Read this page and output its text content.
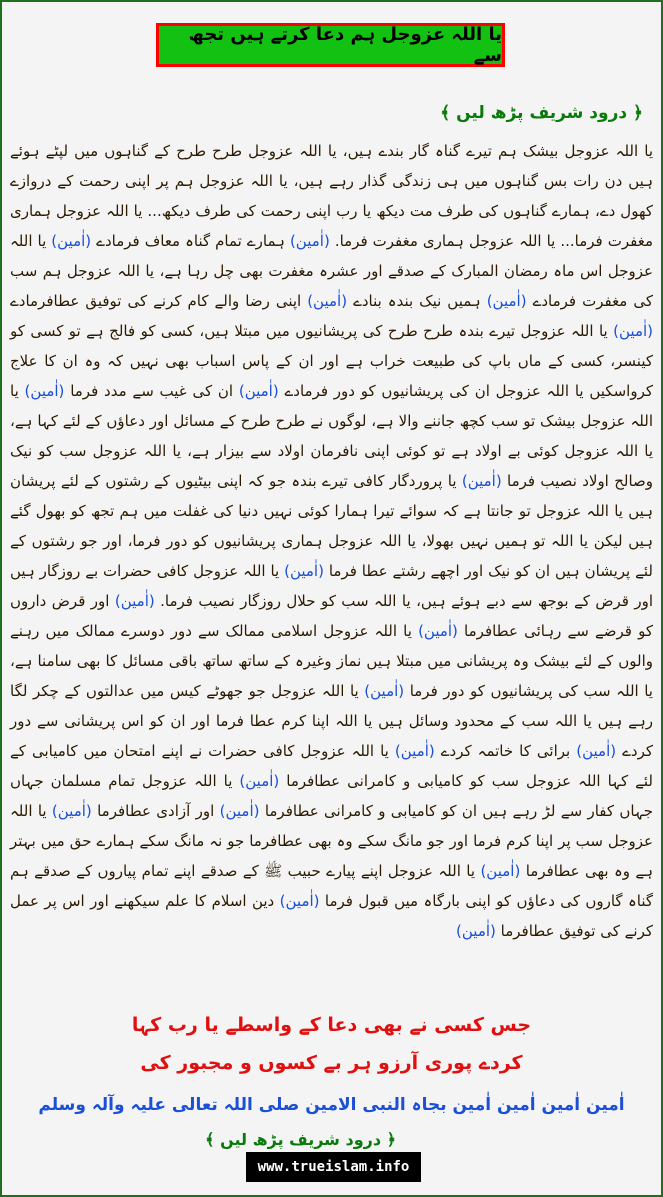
یا اللہ عزوجل ہم دعا کرتے ہیں تجھ سے
﴿ درود شریف پڑھ لیں ﴾
یا اللہ عزوجل بیشک ہم تیرے گناہ گار بندے ہیں، یا اللہ عزوجل طرح طرح کے گناہوں میں لپٹے ہوئے ہیں دن رات بس گناہوں میں ہی زندگی گذار رہے ہیں، یا اللہ عزوجل ہم پر اپنی رحمت کے دروازے کھول دے، ہمارے گناہوں کی طرف مت دیکھ یا رب اپنی رحمت کی طرف دیکھ... یا اللہ عزوجل ہماری مغفرت فرما... یا اللہ عزوجل ہماری مغفرت فرما. (اٰمین) ہمارے تمام گناہ معاف فرمادے (اٰمین) یا اللہ عزوجل اس ماہ رمضان المبارک کے صدقے اور عشرہ مغفرت بھی چل رہا ہے، یا اللہ عزوجل ہم سب کی مغفرت فرمادے (اٰمین) ہمیں نیک بندہ بنادے (اٰمین) اپنی رضا والے کام کرنے کی توفیق عطافرمادے (اٰمین) یا اللہ عزوجل تیرے بندہ طرح طرح کی پریشانیوں میں مبتلا ہیں، کسی کو فالج ہے تو کسی کو کینسر، کسی کے ماں باپ کی طبیعت خراب ہے اور ان کے پاس اسباب بھی نہیں کہ وہ ان کا علاج کرواسکیں یا اللہ عزوجل ان کی پریشانیوں کو دور فرمادے (اٰمین) ان کی غیب سے مدد فرما (اٰمین) یا اللہ عزوجل بیشک تو سب کچھ جاننے والا ہے، لوگوں نے طرح طرح کے مسائل اور دعاؤں کے لئے کہا ہے، یا اللہ عزوجل کوئی بے اولاد ہے تو کوئی اپنی نافرمان اولاد سے بیزار ہے، یا اللہ عزوجل سب کو نیک وصالح اولاد نصیب فرما (اٰمین) یا پروردگار کافی تیرے بندہ جو کہ اپنی بیٹیوں کے رشتوں کے لئے پریشان ہیں یا اللہ عزوجل تو جانتا ہے کہ سوائے تیرا ہمارا کوئی نہیں دنیا کی غفلت میں ہم تجھ کو بھول گئے ہیں لیکن یا اللہ تو ہمیں نہیں بھولا، یا اللہ عزوجل ہماری پریشانیوں کو دور فرما، اور جو رشتوں کے لئے پریشان ہیں ان کو نیک اور اچھے رشتے عطا فرما (اٰمین) یا اللہ عزوجل کافی حضرات بے روزگار ہیں اور قرض کے بوجھ سے دبے ہوئے ہیں، یا اللہ سب کو حلال روزگار نصیب فرما. (اٰمین) اور قرض داروں کو قرضے سے رہائی عطافرما (اٰمین) یا اللہ عزوجل اسلامی ممالک سے دور دوسرے ممالک میں رہنے والوں کے لئے بیشک وہ پریشانی میں مبتلا ہیں نماز وغیرہ کے ساتھ ساتھ باقی مسائل کا بھی سامنا ہے، یا اللہ سب کی پریشانیوں کو دور فرما (اٰمین) یا اللہ عزوجل جو جھوٹے کیس میں عدالتوں کے چکر لگا رہے ہیں یا اللہ سب کے محدود وسائل ہیں یا اللہ اپنا کرم عطا فرما اور ان کو اس پریشانی سے دور کردے (اٰمین) برائی کا خاتمہ کردے (اٰمین) یا اللہ عزوجل کافی حضرات نے اپنے امتحان میں کامیابی کے لئے کہا اللہ عزوجل سب کو کامیابی و کامرانی عطافرما (اٰمین) یا اللہ عزوجل تمام مسلمان جہاں جہاں کفار سے لڑ رہے ہیں ان کو کامیابی و کامرانی عطافرما (اٰمین) اور آزادی عطافرما (اٰمین) یا اللہ عزوجل سب پر اپنا کرم فرما اور جو مانگ سکے وہ بھی عطافرما جو نہ مانگ سکے ہمارے حق میں بہتر ہے وہ بھی عطافرما (اٰمین) یا اللہ عزوجل اپنے پیارے حبیب ﷺ کے صدقے اپنے تمام پیاروں کے صدقے ہم گناہ گاروں کی دعاؤں کو اپنی بارگاہ میں قبول فرما (اٰمین) دین اسلام کا علم سیکھنے اور اس پر عمل کرنے کی توفیق عطافرما (اٰمین)
جس کسی نے بھی دعا کے واسطے یا رب کہا
کردے پوری آرزو ہر بے کسوں و مجبور کی
اٰمین اٰمین اٰمین اٰمین بجاہ النبی الامین صلی اللہ تعالی علیہ وآلہ وسلم
﴿ درود شریف پڑھ لیں ﴾
www.trueislam.info
